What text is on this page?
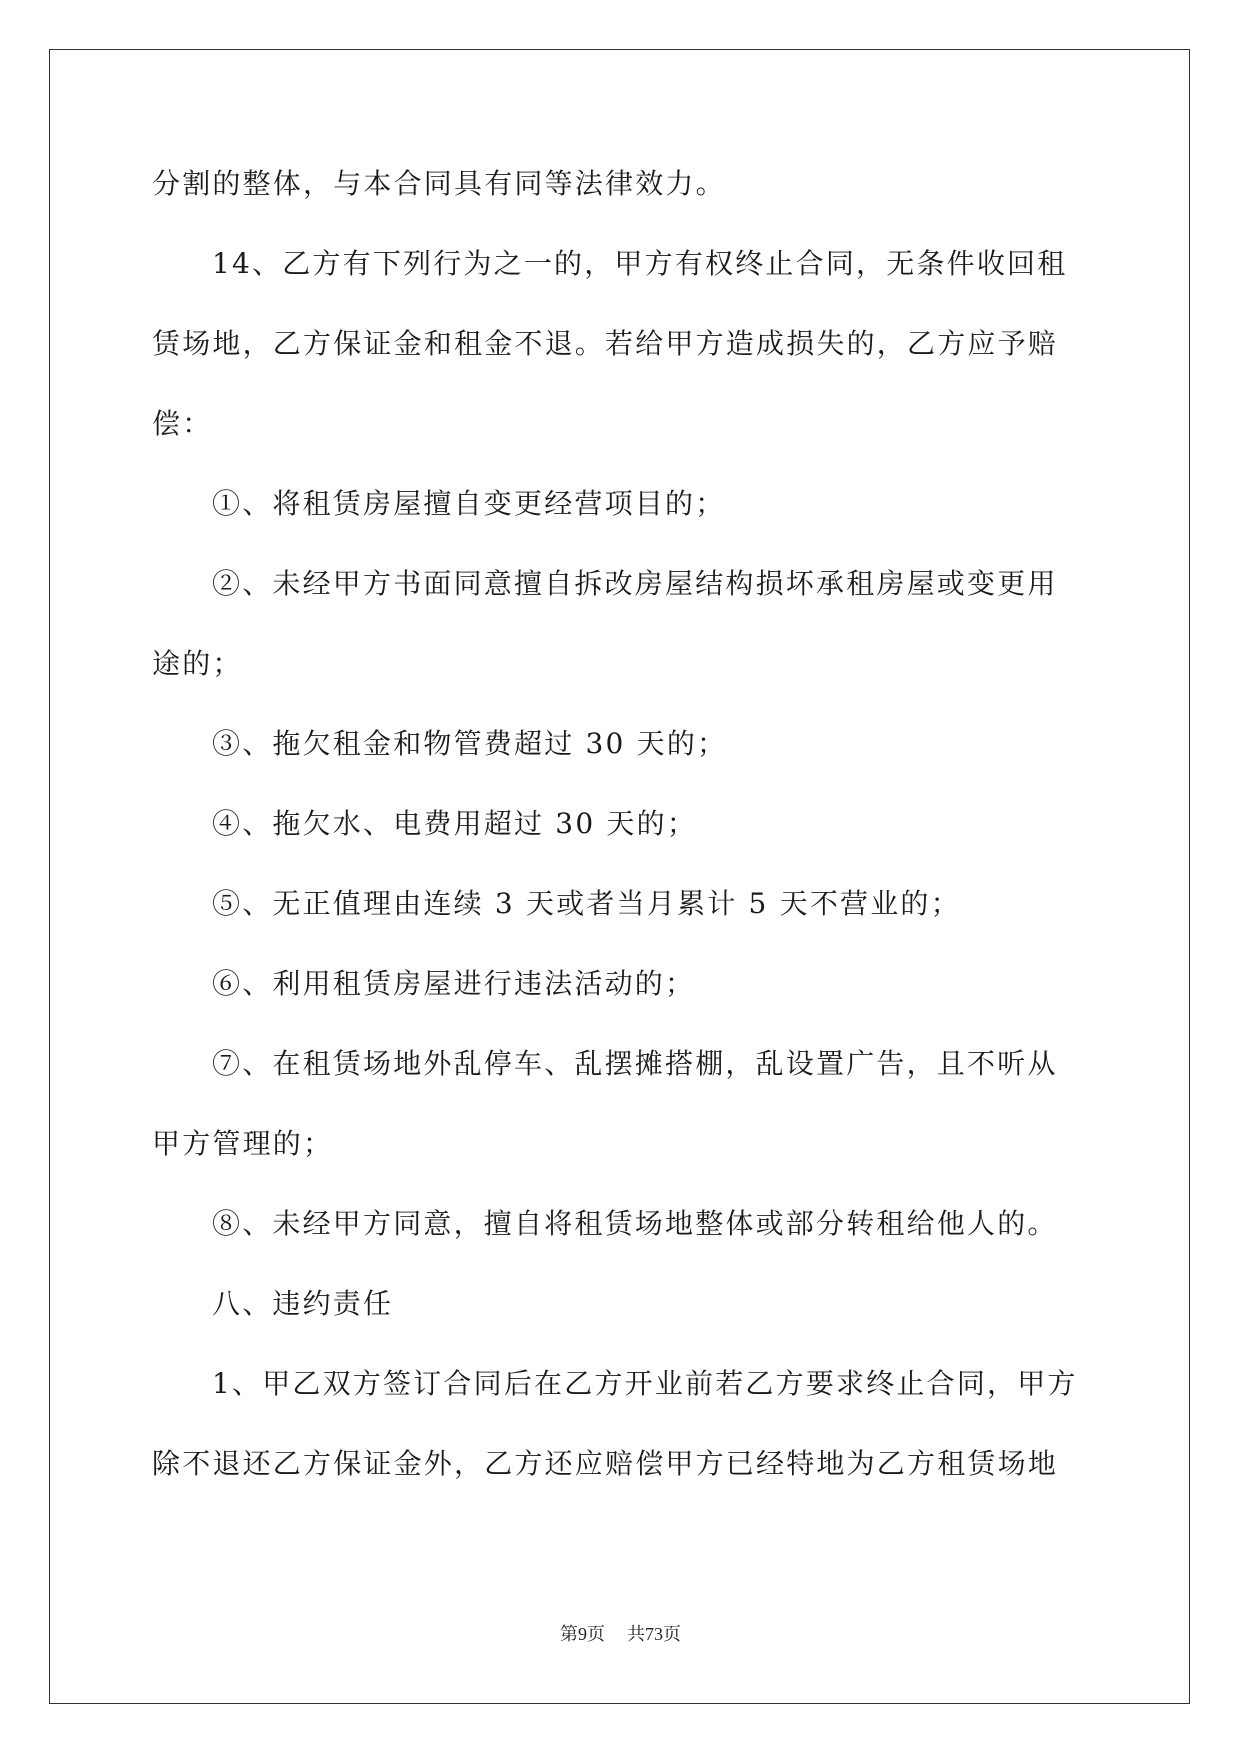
分割的整体，与本合同具有同等法律效力。
14、乙方有下列行为之一的，甲方有权终止合同，无条件收回租
赁场地，乙方保证金和租金不退。若给甲方造成损失的，乙方应予赔
偿：
①、将租赁房屋擅自变更经营项目的；
②、未经甲方书面同意擅自拆改房屋结构损坏承租房屋或变更用
途的；
③、拖欠租金和物管费超过 30 天的；
④、拖欠水、电费用超过 30 天的；
⑤、无正值理由连续 3 天或者当月累计 5 天不营业的；
⑥、利用租赁房屋进行违法活动的；
⑦、在租赁场地外乱停车、乱摆摊搭棚，乱设置广告，且不听从
甲方管理的；
⑧、未经甲方同意，擅自将租赁场地整体或部分转租给他人的。
八、违约责任
1、甲乙双方签订合同后在乙方开业前若乙方要求终止合同，甲方
除不退还乙方保证金外，乙方还应赔偿甲方已经特地为乙方租赁场地
第9页 共73页
